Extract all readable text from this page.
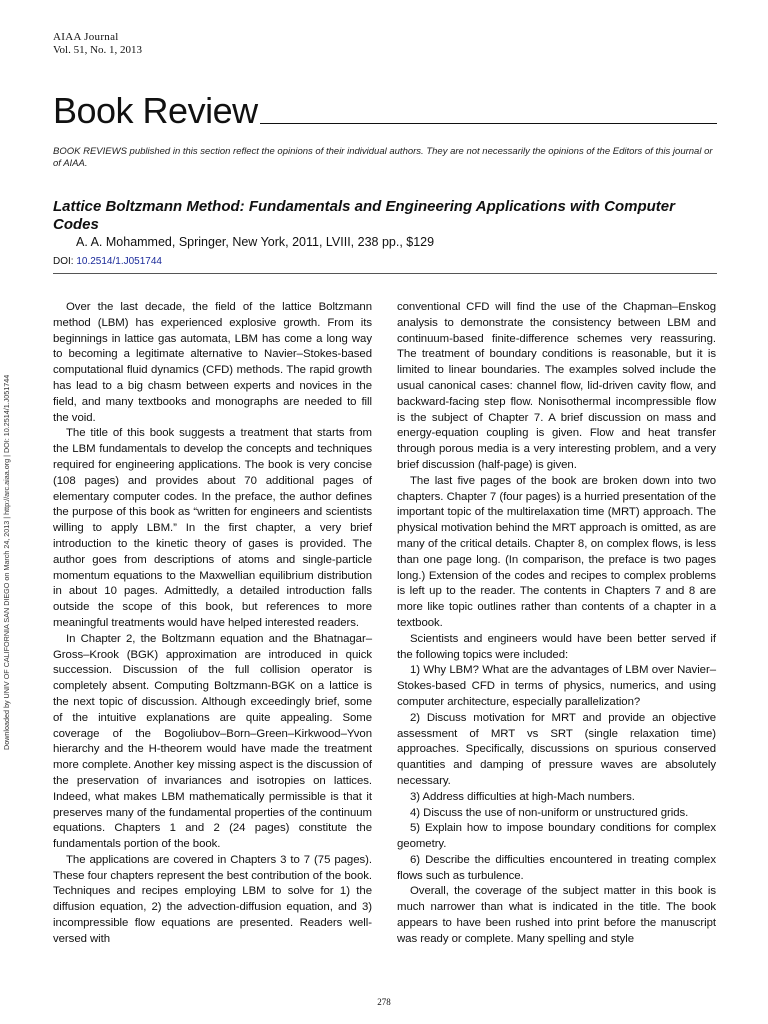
AIAA Journal
Vol. 51, No. 1, 2013
Book Review
BOOK REVIEWS published in this section reflect the opinions of their individual authors. They are not necessarily the opinions of the Editors of this journal or of AIAA.
Lattice Boltzmann Method: Fundamentals and Engineering Applications with Computer Codes
A. A. Mohammed, Springer, New York, 2011, LVIII, 238 pp., $129
DOI: 10.2514/1.J051744
Downloaded by UNIV OF CALIFORNIA SAN DIEGO on March 24, 2013 | http://arc.aiaa.org | DOI: 10.2514/1.J051744

Over the last decade, the field of the lattice Boltzmann method (LBM) has experienced explosive growth. From its beginnings in lattice gas automata, LBM has come a long way to becoming a legitimate alternative to Navier–Stokes-based computational fluid dynamics (CFD) methods. The rapid growth has lead to a big chasm between experts and novices in the field, and many textbooks and monographs are needed to fill the void.

The title of this book suggests a treatment that starts from the LBM fundamentals to develop the concepts and techniques required for engineering applications. The book is very concise (108 pages) and provides about 70 additional pages of elementary computer codes. In the preface, the author defines the purpose of this book as “written for engineers and scientists willing to apply LBM.” In the first chapter, a very brief introduction to the kinetic theory of gases is provided. The author goes from descriptions of atoms and single-particle momentum equations to the Maxwellian equilibrium distribution in about 10 pages. Admittedly, a detailed introduction falls outside the scope of this book, but references to more meaningful treatments would have helped interested readers.

In Chapter 2, the Boltzmann equation and the Bhatnagar–Gross–Krook (BGK) approximation are introduced in quick succession. Discussion of the full collision operator is completely absent. Computing Boltzmann-BGK on a lattice is the next topic of discussion. Although exceedingly brief, some of the intuitive explanations are quite appealing. Some coverage of the Bogoliubov–Born–Green–Kirkwood–Yvon hierarchy and the H-theorem would have made the treatment more complete. Another key missing aspect is the discussion of the preservation of invariances and isotropies on lattices. Indeed, what makes LBM mathematically permissible is that it preserves many of the fundamental properties of the continuum equations. Chapters 1 and 2 (24 pages) constitute the fundamentals portion of the book.

The applications are covered in Chapters 3 to 7 (75 pages). These four chapters represent the best contribution of the book. Techniques and recipes employing LBM to solve for 1) the diffusion equation, 2) the advection-diffusion equation, and 3) incompressible flow equations are presented. Readers well-versed with

conventional CFD will find the use of the Chapman–Enskog analysis to demonstrate the consistency between LBM and continuum-based finite-difference schemes very reassuring. The treatment of boundary conditions is reasonable, but it is limited to linear boundaries. The examples solved include the usual canonical cases: channel flow, lid-driven cavity flow, and backward-facing step flow. Nonisothermal incompressible flow is the subject of Chapter 7. A brief discussion on mass and energy-equation coupling is given. Flow and heat transfer through porous media is a very interesting problem, and a very brief discussion (half-page) is given.

The last five pages of the book are broken down into two chapters. Chapter 7 (four pages) is a hurried presentation of the important topic of the multirelaxation time (MRT) approach. The physical motivation behind the MRT approach is omitted, as are many of the critical details. Chapter 8, on complex flows, is less than one page long. (In comparison, the preface is two pages long.) Extension of the codes and recipes to complex problems is left up to the reader. The contents in Chapters 7 and 8 are more like topic outlines rather than contents of a chapter in a textbook.

Scientists and engineers would have been better served if the following topics were included:

1) Why LBM? What are the advantages of LBM over Navier–Stokes-based CFD in terms of physics, numerics, and using computer architecture, especially parallelization?

2) Discuss motivation for MRT and provide an objective assessment of MRT vs SRT (single relaxation time) approaches. Specifically, discussions on spurious conserved quantities and damping of pressure waves are absolutely necessary.

3) Address difficulties at high-Mach numbers.

4) Discuss the use of non-uniform or unstructured grids.

5) Explain how to impose boundary conditions for complex geometry.

6) Describe the difficulties encountered in treating complex flows such as turbulence.

Overall, the coverage of the subject matter in this book is much narrower than what is indicated in the title. The book appears to have been rushed into print before the manuscript was ready or complete. Many spelling and style

278
